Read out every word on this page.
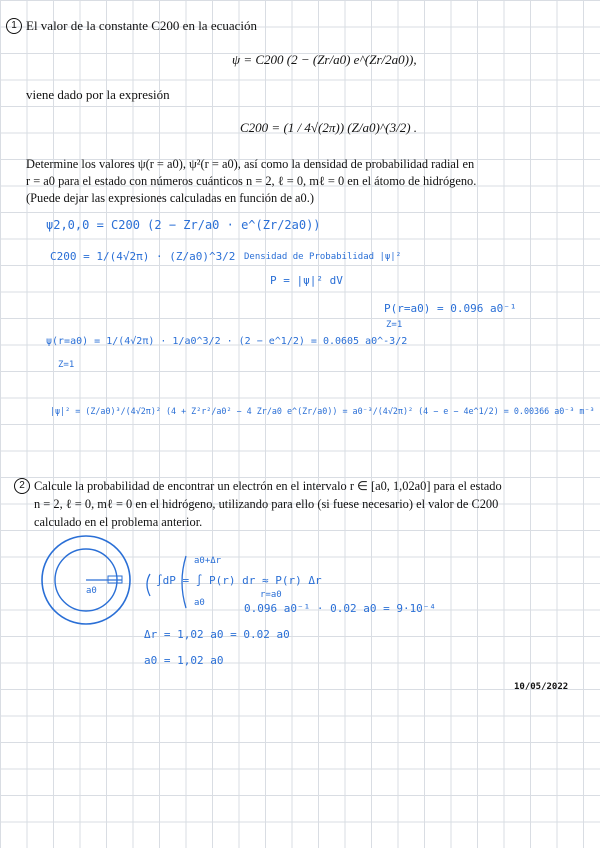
1 El valor de la constante C200 en la ecuación
ψ = C200 (2 − (Zr/a0) e^(Zr/2a0)),
viene dado por la expresión
C200 = (1 / 4√(2π)) (Z/a0)^(3/2) .
Determine los valores ψ(r = a0), ψ²(r = a0), así como la densidad de probabilidad radial en
r = a0 para el estado con números cuánticos n = 2, ℓ = 0, mℓ = 0 en el átomo de hidrógeno.
(Puede dejar las expresiones calculadas en función de a0.)
ψ2,0,0 = C200 (2 − Zr/a0 · e^(Zr/2a0))
C200 = 1/(4√2π) · (Z/a0)^3/2 Densidad de Probabilidad |ψ|²
P = |ψ|² dV
P(r=a0) = 0.096 a0⁻¹
Z=1
ψ(r=a0) = 1/(4√2π) · 1/a0^3/2 · (2 − e^1/2) = 0.0605 a0^-3/2
Z=1
|ψ|² = (Z/a0)³/(4√2π)² (4 + Z²r²/a0² − 4 Zr/a0 e^(Zr/a0)) = a0⁻³/(4√2π)² (4 − e − 4e^1/2) = 0.00366 a0⁻³ m⁻³
2 Calcule la probabilidad de encontrar un electrón en el intervalo r ∈ [a0, 1,02a0] para el estado
n = 2, ℓ = 0, mℓ = 0 en el hidrógeno, utilizando para ello (si fuese necesario) el valor de C200
calculado en el problema anterior.
a0
∫dP = ∫ P(r) dr ≈ P(r) Δr
a0+Δr
a0
r=a0
0.096 a0⁻¹ · 0.02 a0 = 9·10⁻⁴
Δr = 1,02 a0 = 0.02 a0
a0 = 1,02 a0
10/05/2022
